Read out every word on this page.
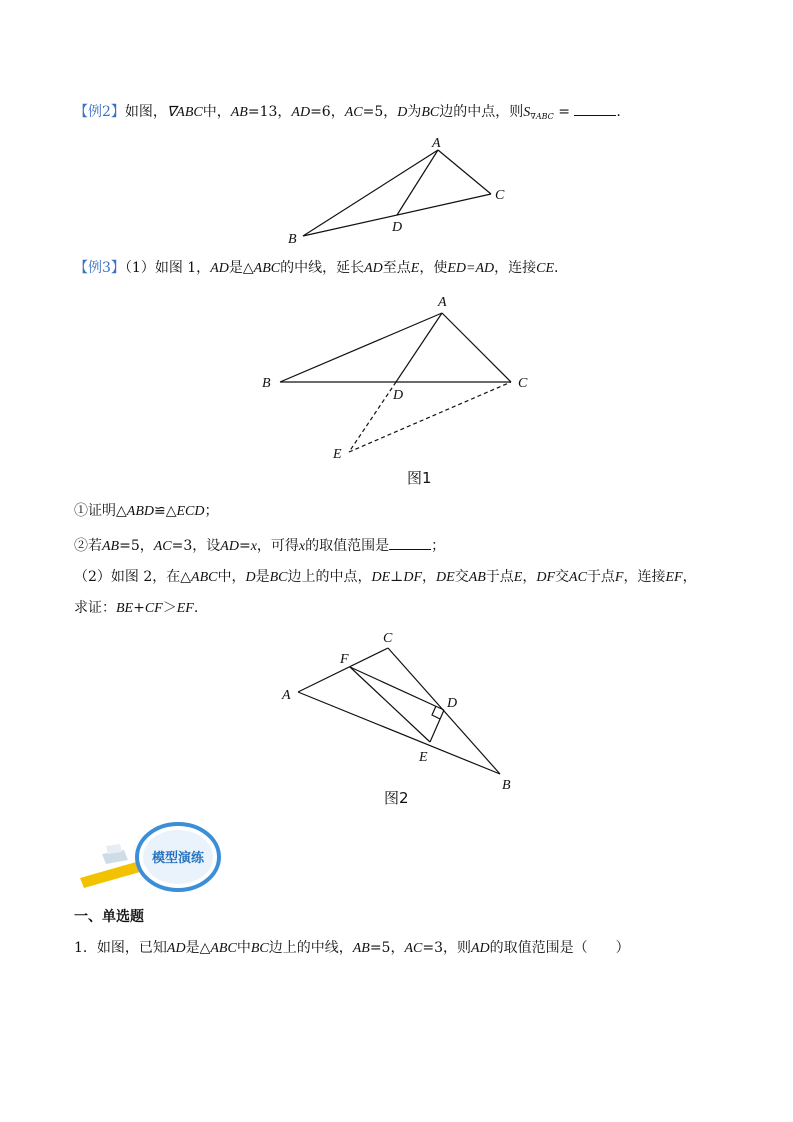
【例2】如图，∇ABC中，AB=13，AD=6，AC=5，D为BC边的中点，则$S_{\nabla ABC}$ =	.
A
B
C
D
【例3】（1）如图 1，AD是△ABC的中线，延长AD至点E，使ED=AD，连接CE.
A
B	C
D
E
图1
①证明△ABD≌△ECD；
②若AB=5，AC=3，设AD=x，可得x的取值范围是	；
（2）如图 2，在△ABC中，D是BC边上的中点，DE⊥DF，DE交AB于点E，DF交AC于点F，连接EF，
求证：BE+CF＞EF.
A
B
C
D
E
F
图2
模型演练
一、单选题
1．如图，已知AD是△ABC中BC边上的中线，AB=5，AC=3，则AD的取值范围是（　　）
